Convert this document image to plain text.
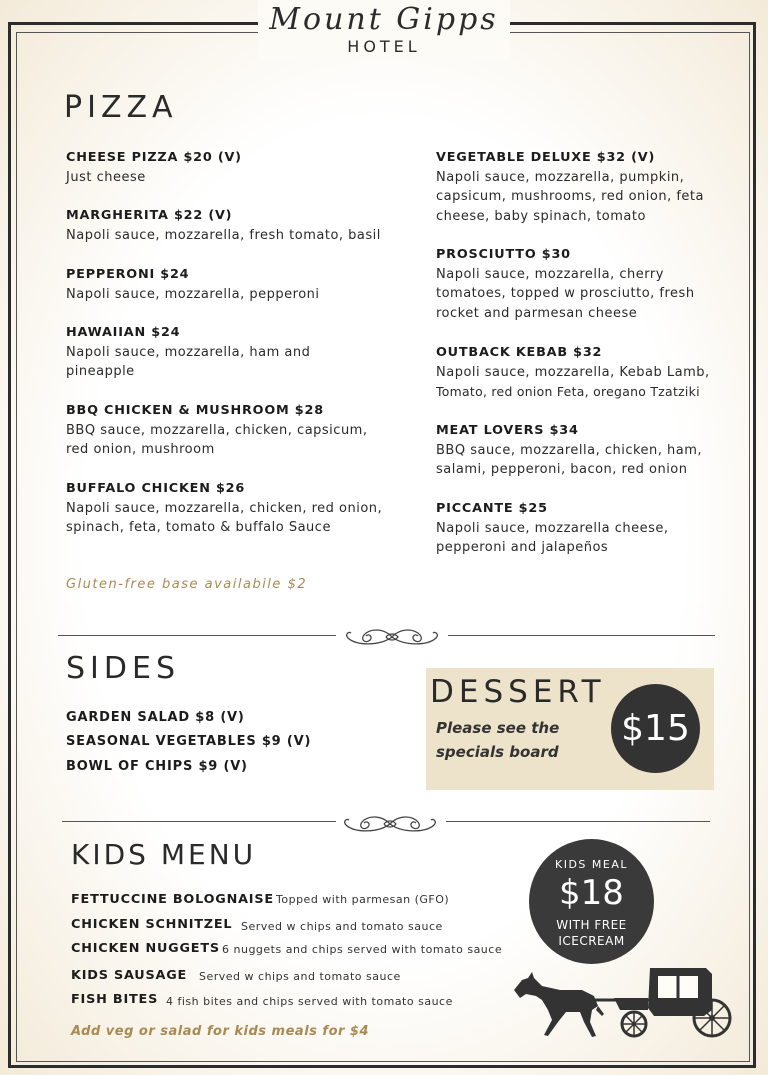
Mount Gipps
HOTEL
PIZZA
CHEESE PIZZA $20 (V)
Just cheese
MARGHERITA $22 (V)
Napoli sauce, mozzarella, fresh tomato, basil
PEPPERONI $24
Napoli sauce, mozzarella, pepperoni
HAWAIIAN $24
Napoli sauce, mozzarella, ham and
pineapple
BBQ CHICKEN & MUSHROOM $28
BBQ sauce, mozzarella, chicken, capsicum,
red onion, mushroom
BUFFALO CHICKEN $26
Napoli sauce, mozzarella, chicken, red onion,
spinach, feta, tomato & buffalo Sauce
VEGETABLE DELUXE $32 (V)
Napoli sauce, mozzarella, pumpkin,
capsicum, mushrooms, red onion, feta
cheese, baby spinach, tomato
PROSCIUTTO $30
Napoli sauce, mozzarella, cherry
tomatoes, topped w prosciutto, fresh
rocket and parmesan cheese
OUTBACK KEBAB $32
Napoli sauce, mozzarella, Kebab Lamb,
Tomato, red onion Feta, oregano Tzatziki
MEAT LOVERS $34
BBQ sauce, mozzarella, chicken, ham,
salami, pepperoni, bacon, red onion
PICCANTE $25
Napoli sauce, mozzarella cheese,
pepperoni and jalapeños
Gluten-free base availabile $2
SIDES
GARDEN SALAD $8 (V)
SEASONAL VEGETABLES $9 (V)
BOWL OF CHIPS $9 (V)
DESSERT
Please see the
specials board
$15
KIDS MENU
FETTUCCINE BOLOGNAISE Topped with parmesan (GFO)
CHICKEN SCHNITZEL Served w chips and tomato sauce
CHICKEN NUGGETS 6 nuggets and chips served with tomato sauce
KIDS SAUSAGE Served w chips and tomato sauce
FISH BITES 4 fish bites and chips served with tomato sauce
Add veg or salad for kids meals for $4
KIDS MEAL
$18
WITH FREE
ICECREAM
